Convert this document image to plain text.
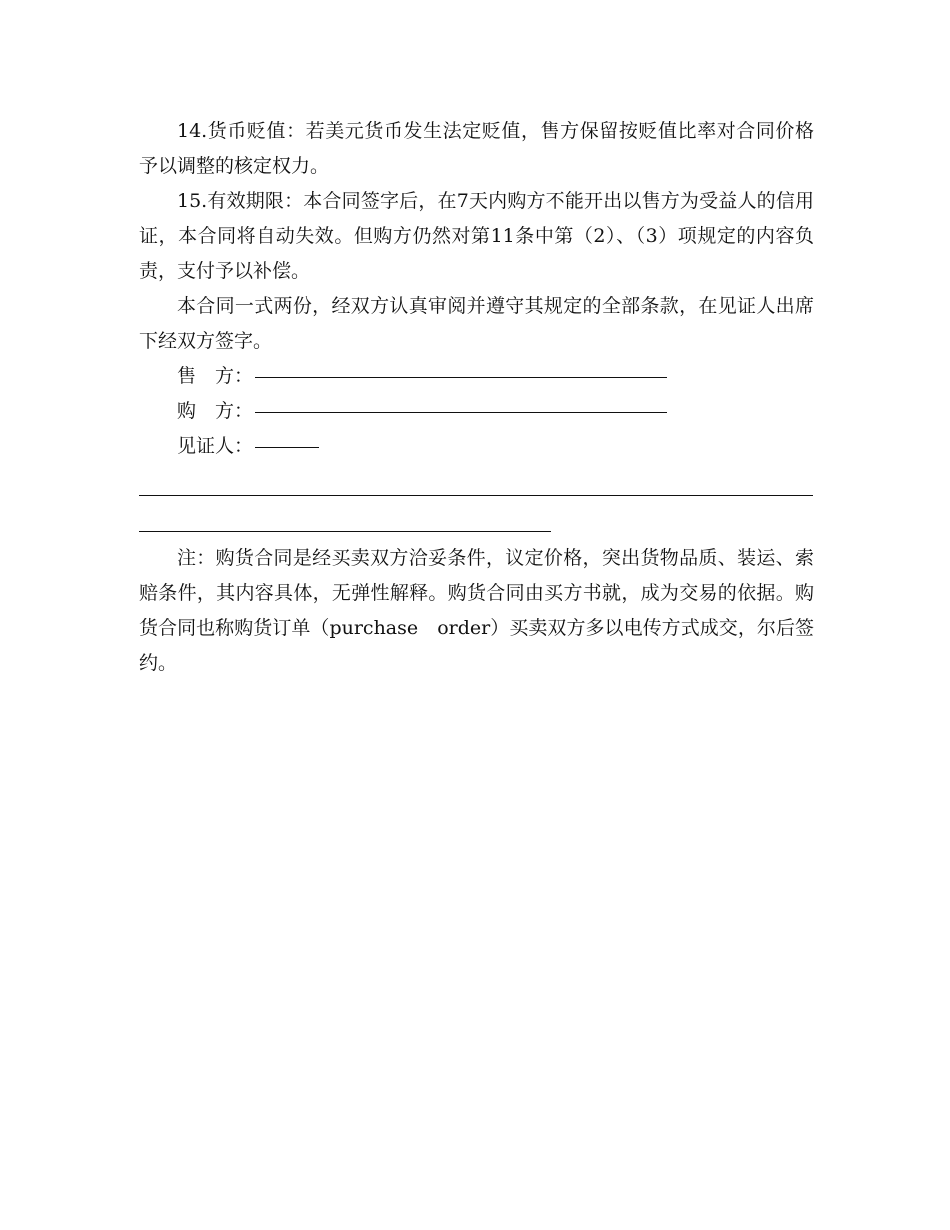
14.货币贬值：若美元货币发生法定贬值，售方保留按贬值比率对合同价格予以调整的核定权力。

15.有效期限：本合同签字后，在7天内购方不能开出以售方为受益人的信用证，本合同将自动失效。但购方仍然对第11条中第（2）、（3）项规定的内容负责，支付予以补偿。

本合同一式两份，经双方认真审阅并遵守其规定的全部条款，在见证人出席下经双方签字。

售　方：
购　方：
见证人：

注：购货合同是经买卖双方洽妥条件，议定价格，突出货物品质、装运、索赔条件，其内容具体，无弹性解释。购货合同由买方书就，成为交易的依据。购货合同也称购货订单（purchase　order）买卖双方多以电传方式成交，尔后签约。
